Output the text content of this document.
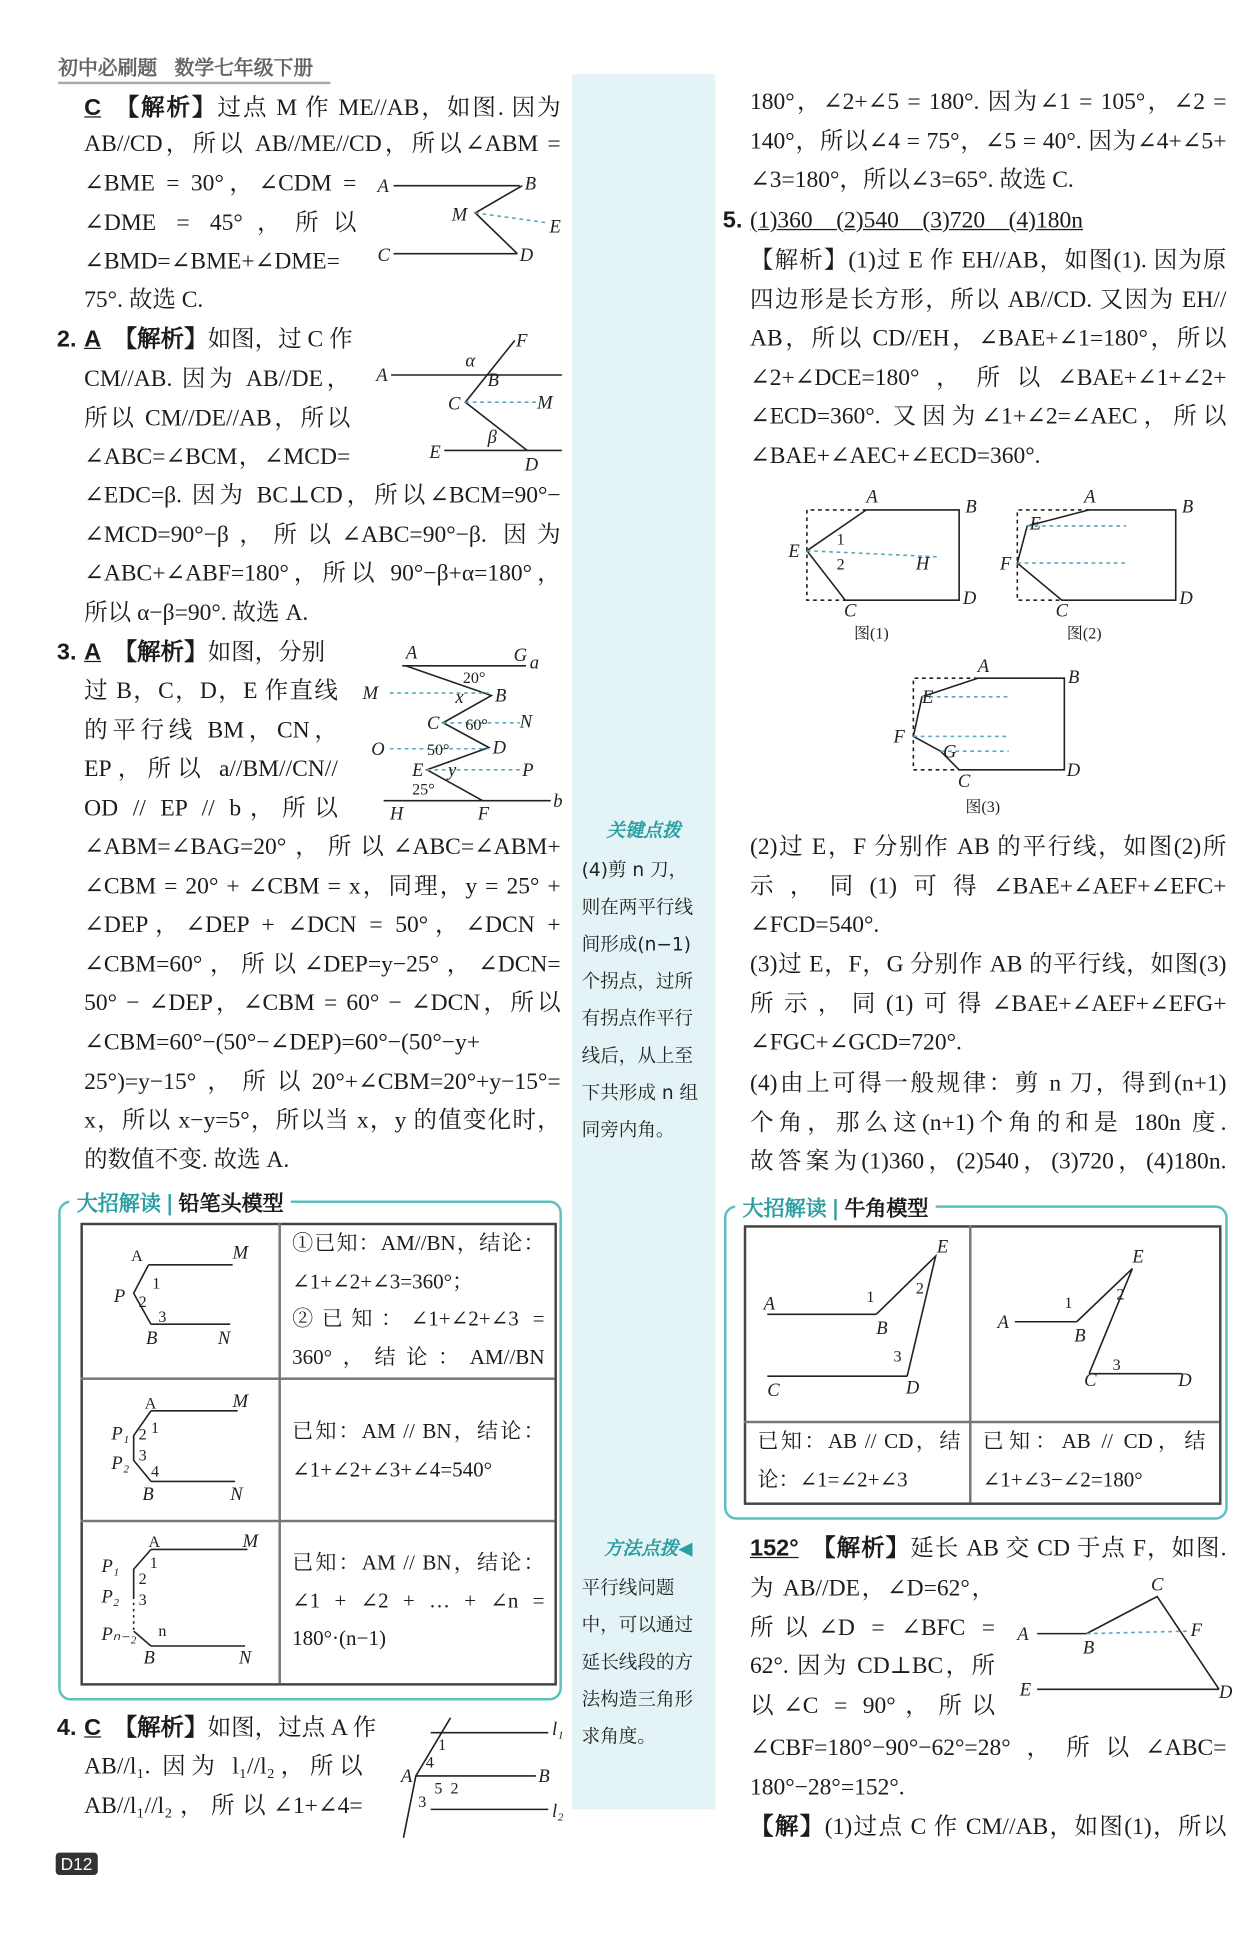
初中必刷题 数学七年级下册
关键点拨
(4)剪 n 刀，
则在两平行线
间形成(n−1)
个拐点，过所
有拐点作平行
线后，从上至
下共形成 n 组
同旁内角。
方法点拨◀
平行线问题
中，可以通过
延长线段的方
法构造三角形
求角度。
C 【解析】过点 M 作 ME//AB，如图. 因为
AB//CD，所以 AB//ME//CD，所以∠ABM =
∠BME = 30°，∠CDM =
∠DME = 45°，所以
∠BMD=∠BME+∠DME=
75°. 故选 C.
2. A 【解析】如图，过 C 作
CM//AB. 因为 AB//DE，
所以 CM//DE//AB，所以
∠ABC=∠BCM，∠MCD=
∠EDC=β. 因为 BC⊥CD，所以∠BCM=90°−
∠MCD=90°−β，所以∠ABC=90°−β. 因为
∠ABC+∠ABF=180°，所以 90°−β+α=180°，
所以 α−β=90°. 故选 A.
3. A 【解析】如图，分别
过 B，C，D，E 作直线
的平行线 BM，CN，
EP，所以 a//BM//CN//
OD // EP // b，所以
∠ABM=∠BAG=20°，所以∠ABC=∠ABM+
∠CBM = 20° + ∠CBM = x，同理，y = 25° +
∠DEP，∠DEP + ∠DCN = 50°，∠DCN +
∠CBM=60°，所以∠DEP=y−25°，∠DCN=
50° − ∠DEP，∠CBM = 60° − ∠DCN，所以
∠CBM=60°−(50°−∠DEP)=60°−(50°−y+
25°)=y−15°，所以20°+∠CBM=20°+y−15°=
x，所以 x−y=5°，所以当 x，y 的值变化时，
的数值不变. 故选 A.
大招解读 | 铅笔头模型
①已知：AM//BN，结论：
∠1+∠2+∠3=360°；
②已知：∠1+∠2+∠3 =
360°，结论：AM//BN
已知：AM // BN，结论：
∠1+∠2+∠3+∠4=540°
已知：AM // BN，结论：
∠1 + ∠2 + … + ∠n =
180°·(n−1)
4. C 【解析】如图，过点 A 作
AB//l₁. 因为 l₁//l₂，所以
AB//l₁//l₂，所以∠1+∠4=
180°，∠2+∠5 = 180°. 因为∠1 = 105°，∠2 =
140°，所以∠4 = 75°，∠5 = 40°. 因为∠4+∠5+
∠3=180°，所以∠3=65°. 故选 C.
5. (1)360　(2)540　(3)720　(4)180n
【解析】(1)过 E 作 EH//AB，如图(1). 因为原
四边形是长方形，所以 AB//CD. 又因为 EH//
AB，所以 CD//EH，∠BAE+∠1=180°，所以
∠2+∠DCE=180°，所以∠BAE+∠1+∠2+
∠ECD=360°. 又因为∠1+∠2=∠AEC，所以
∠BAE+∠AEC+∠ECD=360°.
(2)过 E，F 分别作 AB 的平行线，如图(2)所
示，同(1)可得∠BAE+∠AEF+∠EFC+
∠FCD=540°.
(3)过 E，F，G 分别作 AB 的平行线，如图(3)
所示，同(1)可得∠BAE+∠AEF+∠EFG+
∠FGC+∠GCD=720°.
(4)由上可得一般规律：剪 n 刀，得到(n+1)
个角，那么这(n+1)个角的和是 180n 度.
故答案为(1)360，(2)540，(3)720，(4)180n.
大招解读 | 牛角模型
已知：AB // CD，结
论：∠1=∠2+∠3
已知：AB // CD，结
∠1+∠3−∠2=180°
152° 【解析】延长 AB 交 CD 于点 F，如图.
为 AB//DE，∠D=62°，
所以∠D = ∠BFC =
62°. 因为 CD⊥BC，所
以∠C = 90°，所以
∠CBF=180°−90°−62°=28°，所以∠ABC=
180°−28°=152°.
【解】(1)过点 C 作 CM//AB，如图(1)，所以
D12
A	B
M
E
C	D
A
F
α
B
C	M
β
E
D
A	G a
20°
M	x B
C 60° N
O	50°	D
E y	P
25°
H	F
b
M
A
P
1
2
3
B	N
A	M
P₁
P₂
1
2
3
4
B	N
A	M
P₁
P₂
1
2
3
Pₙ₋₂ n
B	N
l₁
l₂
A	B
1
4
5 2
3
A	B
E
1
2	H
C
D
图(1)
A	B
E
F
C
D
图(2)
A
B
E
F
G
C
D
图(3)
A
E
1
2
B
3
C	D
E
A
1
2
B
3
C	D
C
A
B
F
E	D
